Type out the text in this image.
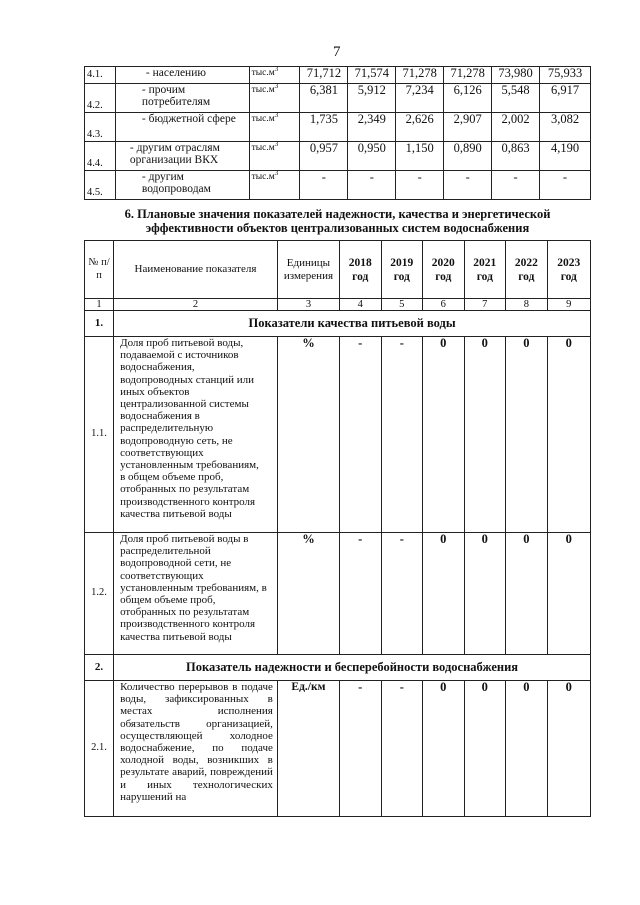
7
4.1.	- населению	$тыс.м^3$	71,712	71,574	71,278	71,278	73,980	75,933
4.2.	- прочим потребителям	$тыс.м^3$	6,381	5,912	7,234	6,126	5,548	6,917
4.3.	- бюджетной сфере	$тыс.м^3$	1,735	2,349	2,626	2,907	2,002	3,082
4.4.	- другим отраслям организации ВКХ	$тыс.м^3$	0,957	0,950	1,150	0,890	0,863	4,190
4.5.	- другим водопроводам	$тыс.м^3$	-	-	-	-	-	-
6. Плановые значения показателей надежности, качества и энергетической
эффективности объектов централизованных систем водоснабжения
№ п/п	Наименование показателя	Единицы измерения	2018 год	2019 год	2020 год	2021 год	2022 год	2023 год
1	2	3	4	5	6	7	8	9
1.	Показатели качества питьевой воды							
1.1.	Доля проб питьевой воды, подаваемой с источников водоснабжения, водопроводных станций или иных объектов централизованной системы водоснабжения в распределительную водопроводную сеть, не соответствующих установленным требованиям, в общем объеме проб, отобранных по результатам производственного контроля качества питьевой воды	%	-	-	0	0	0	0
1.2.	Доля проб питьевой воды в распределительной водопроводной сети, не соответствующих установленным требованиям, в общем объеме проб, отобранных по результатам производственного контроля качества питьевой воды	%	-	-	0	0	0	0
2.	Показатель надежности и бесперебойности водоснабжения							
2.1.	Количество перерывов в подаче воды, зафиксированных в местах исполнения обязательств организацией, осуществляющей холодное водоснабжение, по подаче холодной воды, возникших в результате аварий, повреждений и иных технологических нарушений на	Ед./км	-	-	0	0	0	0
